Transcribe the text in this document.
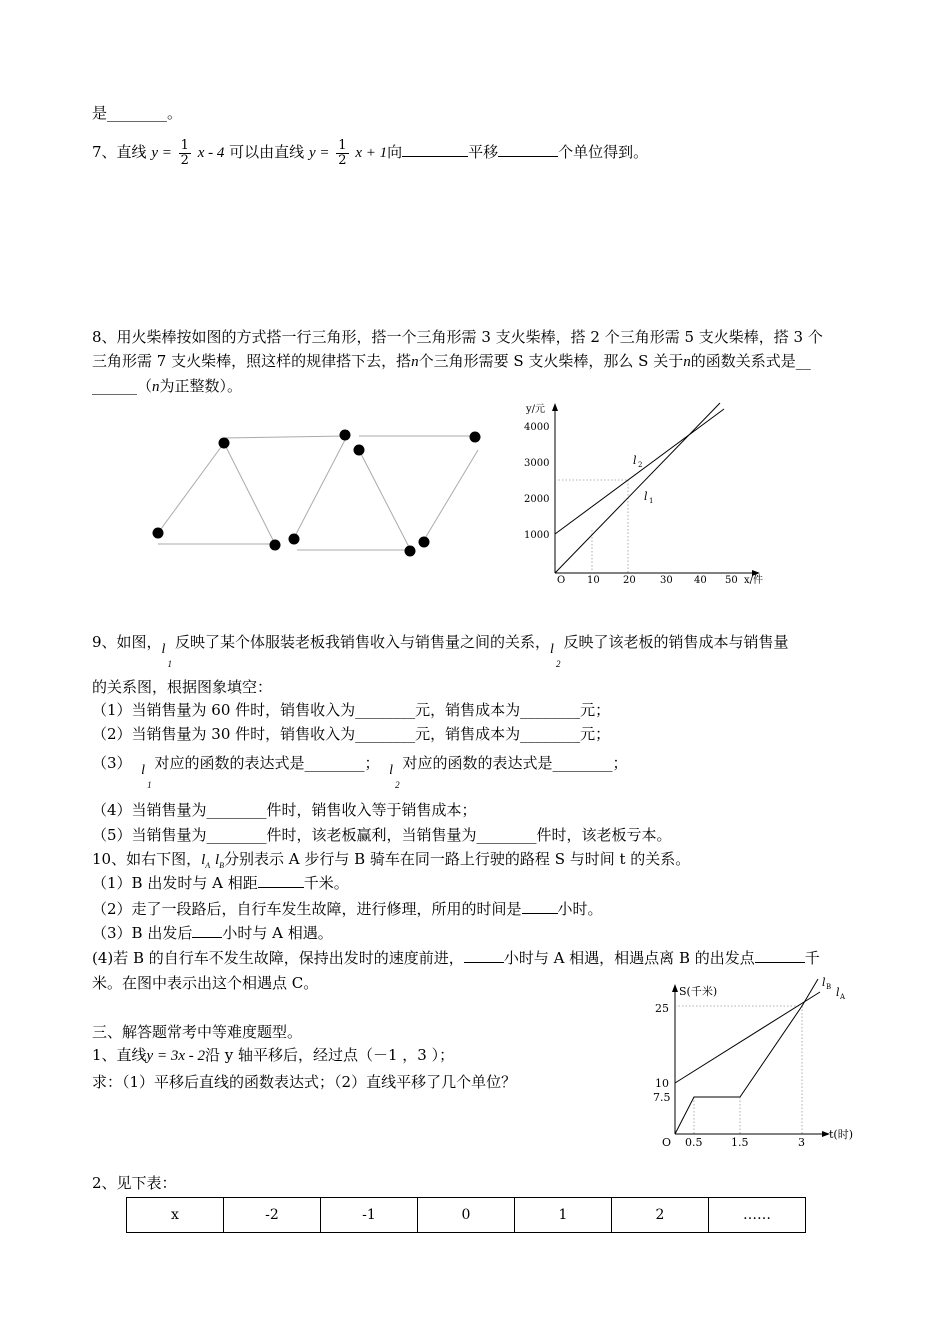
是________。
7、直线 $y = \frac{1}{2}$ x - 4 可以由直线 $y = \frac{1}{2}$ x + 1向	平移	个单位得到。
8、用火柴棒按如图的方式搭一行三角形，搭一个三角形需 3 支火柴棒，搭 2 个三角形需 5 支火柴棒，搭 3 个
三角形需 7 支火柴棒，照这样的规律搭下去，搭n个三角形需要 S 支火柴棒，那么 S 关于n的函数关系式是__
______（n为正整数）。
y/元
x/件
O
4000
3000
2000
1000
10 20 30 40 50
l 2
l 1
9、如图，l
1
反映了某个体服装老板我销售收入与销售量之间的关系，l
2
反映了该老板的销售成本与销售量
的关系图，根据图象填空：
（1）当销售量为 60 件时，销售收入为________元，销售成本为________元；
（2）当销售量为 30 件时，销售收入为________元，销售成本为________元；
（3） l
1
对应的函数的表达式是________； l
2
对应的函数的表达式是________；
（4）当销售量为________件时，销售收入等于销售成本；
（5）当销售量为________件时，该老板赢利，当销售量为________件时，该老板亏本。
10、如右下图，$l_A$ $l_B$分别表示 A 步行与 B 骑车在同一路上行驶的路程 S 与时间 t 的关系。
（1）B 出发时与 A 相距	千米。
（2）走了一段路后，自行车发生故障，进行修理，所用的时间是 小时。
（3）B 出发后 小时与 A 相遇。
(4)若 B 的自行车不发生故障，保持出发时的速度前进，	小时与 A 相遇，相遇点离 B 的出发点	千
米。在图中表示出这个相遇点 C。	S(千米)
t(时)
O
25
10
7.5
0.5	1.5	3
l B l A
三、解答题常考中等难度题型。
1、直线y = 3x - 2沿 y 轴平移后，经过点（－1 ，3 ）；
求：（1）平移后直线的函数表达式；（2）直线平移了几个单位？
2、见下表：
x	-2	-1	0	1	2	……
